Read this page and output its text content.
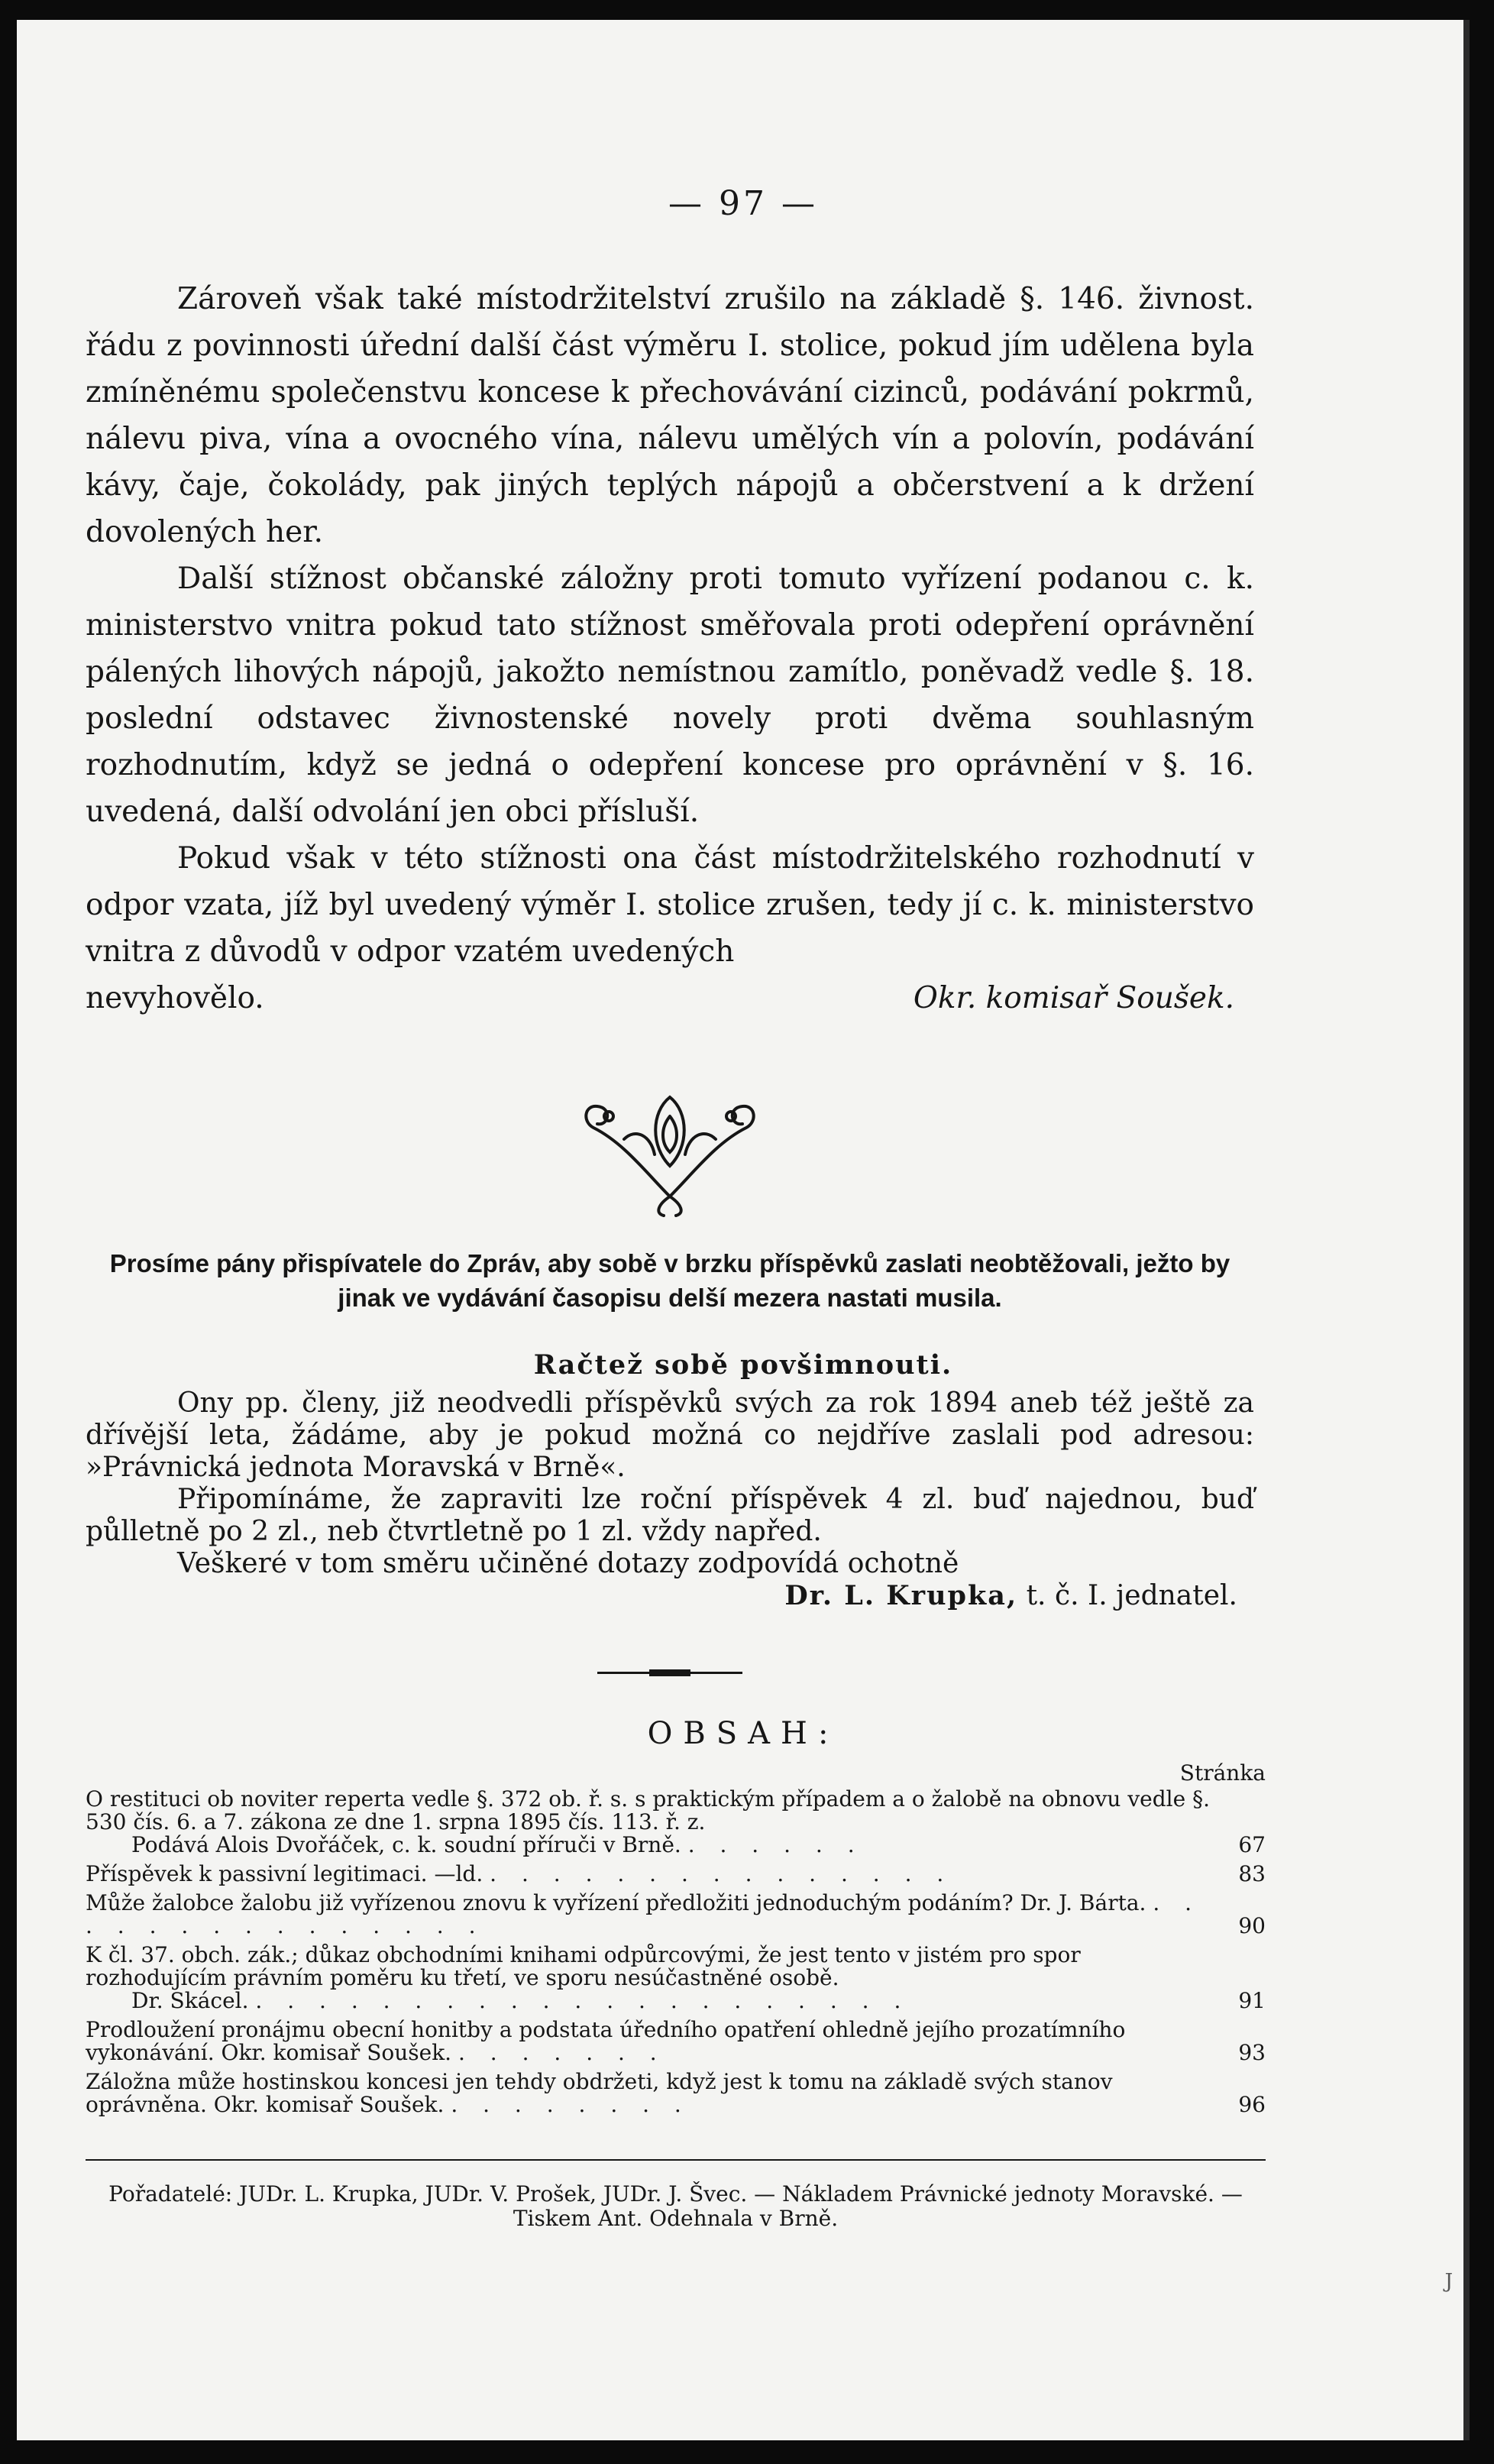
— 97 —

Zároveň však také místodržitelství zrušilo na základě §. 146. živnost. řádu z povinnosti úřední další část výměru I. stolice, pokud jím udělena byla zmíněnému společenstvu koncese k přechovávání cizinců, podávání pokrmů, nálevu piva, vína a ovocného vína, nálevu umělých vín a polovín, podávání kávy, čaje, čokolády, pak jiných teplých nápojů a občerstvení a k držení dovolených her.

Další stížnost občanské záložny proti tomuto vyřízení podanou c. k. ministerstvo vnitra pokud tato stížnost směřovala proti odepření oprávnění pálených lihových nápojů, jakožto nemístnou zamítlo, poněvadž vedle §. 18. poslední odstavec živnostenské novely proti dvěma souhlasným rozhodnutím, když se jedná o odepření koncese pro oprávnění v §. 16. uvedená, další odvolání jen obci přísluší.

Pokud však v této stížnosti ona část místodržitelského rozhodnutí v odpor vzata, jíž byl uvedený výměr I. stolice zrušen, tedy jí c. k. ministerstvo vnitra z důvodů v odpor vzatém uvedených

nevyhovělo.	Okr. komisař Soušek.
Prosíme pány přispívatele do Zpráv, aby sobě v brzku příspěvků zaslati neobtěžovali, ježto by jinak ve vydávání časopisu delší mezera nastati musila.
Račtež sobě povšimnouti.

Ony pp. členy, již neodvedli příspěvků svých za rok 1894 aneb též ještě za dřívější leta, žádáme, aby je pokud možná co nejdříve zaslali pod adresou: »Právnická jednota Moravská v Brně«.

Připomínáme, že zapraviti lze roční příspěvek 4 zl. buď najednou, buď půlletně po 2 zl., neb čtvrtletně po 1 zl. vždy napřed.

Veškeré v tom směru učiněné dotazy zodpovídá ochotně

Dr. L. Krupka, t. č. I. jednatel.
OBSAH:
Stránka
O restituci ob noviter reperta vedle §. 372 ob. ř. s. s praktickým případem a o žalobě na obnovu vedle §. 530 čís. 6. a 7. zákona ze dne 1. srpna 1895 čís. 113. ř. z.
Podává Alois Dvořáček, c. k. soudní příruči v Brně. . . . . . .	67
Příspěvek k passivní legitimaci. —ld. . . . . . . . . . . . . . . .	83
Může žalobce žalobu již vyřízenou znovu k vyřízení předložiti jednoduchým podáním? Dr. J. Bárta. . . . . . . . . . . . . . . .	90
K čl. 37. obch. zák.; důkaz obchodními knihami odpůrcovými, že jest tento v jistém pro spor rozhodujícím právním poměru ku třetí, ve sporu nesúčastněné osobě.
Dr. Skácel. . . . . . . . . . . . . . . . . . . . . .	91
Prodloužení pronájmu obecní honitby a podstata úředního opatření ohledně jejího prozatímního vykonávání. Okr. komisař Soušek. . . . . . . .	93
Záložna může hostinskou koncesi jen tehdy obdržeti, když jest k tomu na základě svých stanov oprávněna. Okr. komisař Soušek. . . . . . . . .	96
Pořadatelé: JUDr. L. Krupka, JUDr. V. Prošek, JUDr. J. Švec. — Nákladem Právnické jednoty Moravské. — Tiskem Ant. Odehnala v Brně.
J
